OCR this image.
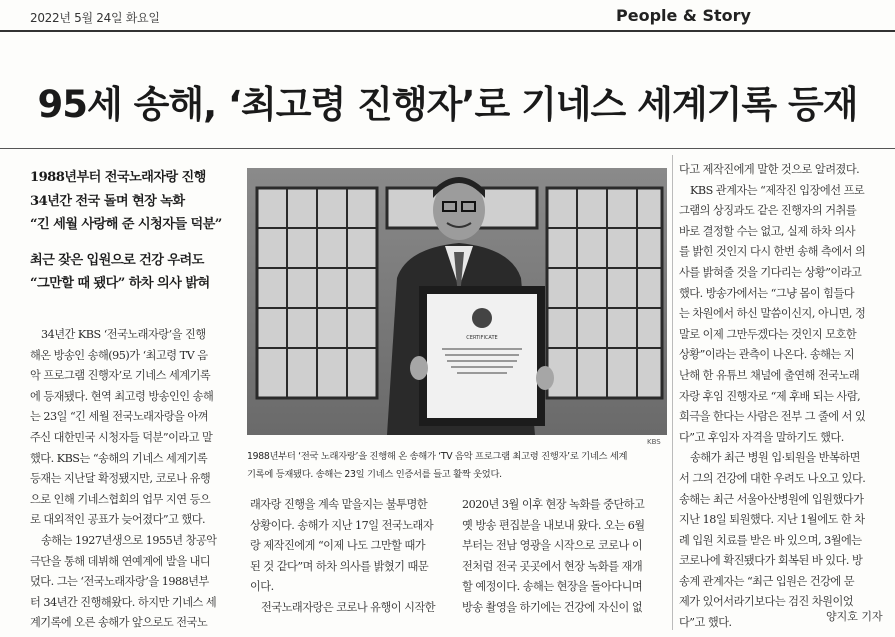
2022년 5월 24일 화요일	People & Story
95세 송해, ‘최고령 진행자’로 기네스 세계기록 등재
1988년부터 전국노래자랑 진행
34년간 전국 돌며 현장 녹화
“긴 세월 사랑해 준 시청자들 덕분”
최근 잦은 입원으로 건강 우려도
“그만할 때 됐다” 하차 의사 밝혀
CERTIFICATE
KBS
1988년부터 ‘전국 노래자랑’을 진행해 온 송해가 ‘TV 음악 프로그램 최고령 진행자’로 기네스 세계
기록에 등재됐다. 송해는 23일 기네스 인증서를 들고 활짝 웃었다.

34년간 KBS ‘전국노래자랑’을 진행

해온 방송인 송해(95)가 ‘최고령 TV 음

악 프로그램 진행자’로 기네스 세계기록

에 등재됐다. 현역 최고령 방송인인 송해

는 23일 “긴 세월 전국노래자랑을 아껴

주신 대한민국 시청자들 덕분”이라고 말

했다. KBS는 “송해의 기네스 세계기록

등재는 지난달 확정됐지만, 코로나 유행

으로 인해 기네스협회의 업무 지연 등으

로 대외적인 공표가 늦어졌다”고 했다.

송해는 1927년생으로 1955년 창공악

극단을 통해 데뷔해 연예계에 발을 내디

뎠다. 그는 ‘전국노래자랑’을 1988년부

터 34년간 진행해왔다. 하지만 기네스 세

계기록에 오른 송해가 앞으로도 전국노

래자랑 진행을 계속 맡을지는 불투명한

상황이다. 송해가 지난 17일 전국노래자

랑 제작진에게 “이제 나도 그만할 때가

된 것 같다”며 하차 의사를 밝혔기 때문

이다.

전국노래자랑은 코로나 유행이 시작한

2020년 3월 이후 현장 녹화를 중단하고

옛 방송 편집분을 내보내 왔다. 오는 6월

부터는 전남 영광을 시작으로 코로나 이

전처럼 전국 곳곳에서 현장 녹화를 재개

할 예정이다. 송해는 현장을 돌아다니며

방송 촬영을 하기에는 건강에 자신이 없

다고 제작진에게 말한 것으로 알려졌다.

KBS 관계자는 “제작진 입장에선 프로

그램의 상징과도 같은 진행자의 거취를

바로 결정할 수는 없고, 실제 하차 의사

를 밝힌 것인지 다시 한번 송해 측에서 의

사를 밝혀줄 것을 기다리는 상황”이라고

했다. 방송가에서는 “그냥 몸이 힘들다

는 차원에서 하신 말씀이신지, 아니면, 정

말로 이제 그만두겠다는 것인지 모호한

상황”이라는 관측이 나온다. 송해는 지

난해 한 유튜브 채널에 출연해 전국노래

자랑 후임 진행자로 “제 후배 되는 사람,

희극을 한다는 사람은 전부 그 줄에 서 있

다”고 후임자 자격을 말하기도 했다.

송해가 최근 병원 입·퇴원을 반복하면

서 그의 건강에 대한 우려도 나오고 있다.

송해는 최근 서울아산병원에 입원했다가

지난 18일 퇴원했다. 지난 1월에도 한 차

례 입원 치료를 받은 바 있으며, 3월에는

코로나에 확진됐다가 회복된 바 있다. 방

송계 관계자는 “최근 입원은 건강에 문

제가 있어서라기보다는 검진 차원이었

다”고 했다.	양지호 기자
